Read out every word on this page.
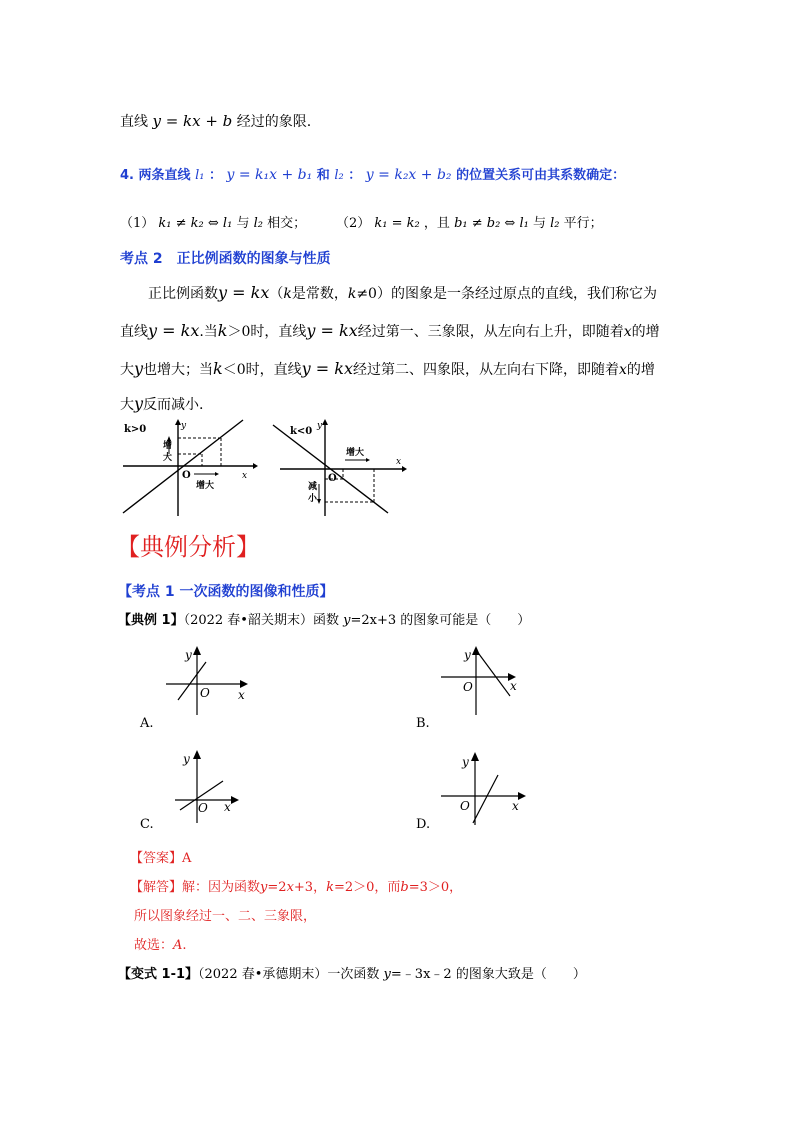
直线 y = kx + b 经过的象限.
4. 两条直线 l₁ ： y = k₁x + b₁ 和 l₂ ： y = k₂x + b₂ 的位置关系可由其系数确定：
（1） k₁ ≠ k₂ ⇔ l₁ 与 l₂ 相交； （2） k₁ = k₂ ，且 b₁ ≠ b₂ ⇔ l₁ 与 l₂ 平行；
考点 2　正比例函数的图象与性质
正比例函数y = kx（k是常数，k≠0）的图象是一条经过原点的直线，我们称它为
直线y = kx.当k＞0时，直线y = kx经过第一、三象限，从左向右上升，即随着x的增
大y也增大；当k＜0时，直线y = kx经过第二、四象限，从左向右下降，即随着x的增
大y反而减小.
k>0	y
x
O
增
大
增大
k<0 y
x
O
增大
减
小
【典例分析】
【考点 1 一次函数的图像和性质】
【典例 1】（2022 春•韶关期末）函数 y=2x+3 的图象可能是（　　）
y
x
O
A.
y
x
O
B.
y
x
O
C.
y
x
O
D.
【答案】A
【解答】解：因为函数y=2x+3，k=2＞0，而b=3＞0，
所以图象经过一、二、三象限，
故选：A.
【变式 1-1】（2022 春•承德期末）一次函数 y=﹣3x﹣2 的图象大致是（　　）
